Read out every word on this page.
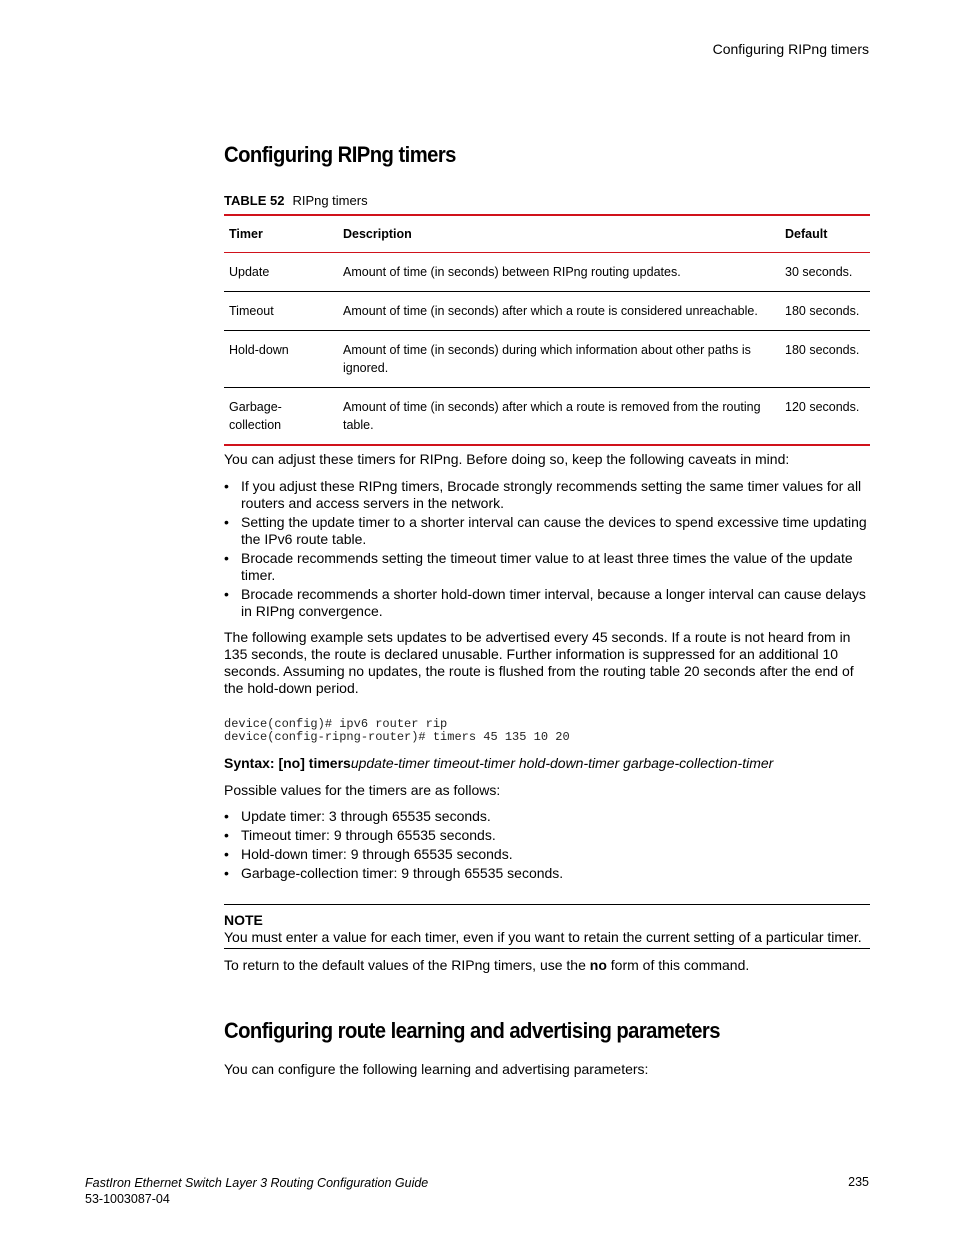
Configuring RIPng timers
Configuring RIPng timers
TABLE 52 RIPng timers
Timer	Description	Default
Update	Amount of time (in seconds) between RIPng routing updates.	30 seconds.
Timeout	Amount of time (in seconds) after which a route is considered unreachable.	180 seconds.
Hold-down	Amount of time (in seconds) during which information about other paths is ignored.	180 seconds.
Garbage-collection	Amount of time (in seconds) after which a route is removed from the routing table.	120 seconds.

You can adjust these timers for RIPng. Before doing so, keep the following caveats in mind:

• If you adjust these RIPng timers, Brocade strongly recommends setting the same timer values for all routers and access servers in the network.
• Setting the update timer to a shorter interval can cause the devices to spend excessive time updating the IPv6 route table.
• Brocade recommends setting the timeout timer value to at least three times the value of the update timer.
• Brocade recommends a shorter hold-down timer interval, because a longer interval can cause delays in RIPng convergence.

The following example sets updates to be advertised every 45 seconds. If a route is not heard from in 135 seconds, the route is declared unusable. Further information is suppressed for an additional 10 seconds. Assuming no updates, the route is flushed from the routing table 20 seconds after the end of the hold-down period.

device(config)# ipv6 router rip
device(config-ripng-router)# timers 45 135 10 20

Syntax: [no] timersupdate-timer timeout-timer hold-down-timer garbage-collection-timer

Possible values for the timers are as follows:

• Update timer: 3 through 65535 seconds.
• Timeout timer: 9 through 65535 seconds.
• Hold-down timer: 9 through 65535 seconds.
• Garbage-collection timer: 9 through 65535 seconds.
NOTE

You must enter a value for each timer, even if you want to retain the current setting of a particular timer.

To return to the default values of the RIPng timers, use the no form of this command.

Configuring route learning and advertising parameters

You can configure the following learning and advertising parameters:

FastIron Ethernet Switch Layer 3 Routing Configuration Guide
53-1003087-04
235
